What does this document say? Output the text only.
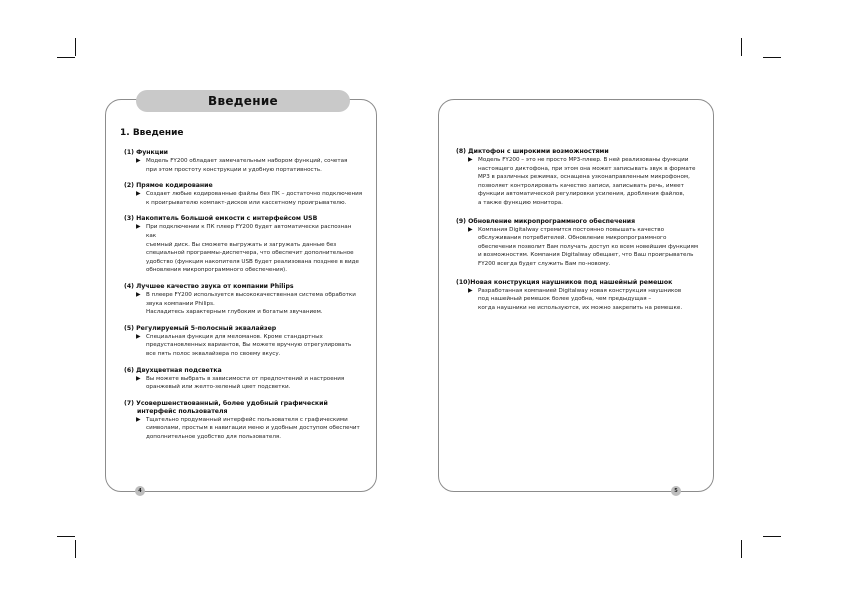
Введение
1. Введение
(1) Функции
▶ Модель FY200 обладает замечательным набором функций, сочетая
при этом простоту конструкции и удобную портативность.
(2) Прямое кодирование
▶ Создает любые кодированные файлы без ПК – достаточно подключения
к проигрывателю компакт-дисков или кассетному проигрывателю.
(3) Накопитель большой емкости с интерфейсом USB
▶ При подключении к ПК плеер FY200 будет автоматически распознан
как
съемный диск. Вы сможете выгружать и загружать данные без
специальной программы-диспетчера, что обеспечит дополнительное
удобство (функция накопителя USB будет реализована позднее в виде
обновления микропрограммного обеспечения).
(4) Лучшее качество звука от компании Philips
▶ В плеере FY200 используется высококачественная система обработки
звука компании Philips.
Насладитесь характерным глубоким и богатым звучанием.
(5) Регулируемый 5-полосный эквалайзер
▶ Специальная функция для меломанов. Кроме стандартных
предустановленных вариантов, Вы можете вручную отрегулировать
все пять полос эквалайзера по своему вкусу.
(6) Двухцветная подсветка
▶ Вы можете выбрать в зависимости от предпочтений и настроения
оранжевый или желто-зеленый цвет подсветки.
(7) Усовершенствованный, более удобный графический
интерфейс пользователя
▶ Тщательно продуманный интерфейс пользователя с графическими
символами, простым в навигации меню и удобным доступом обеспечит
дополнительное удобство для пользователя.
(8) Диктофон с широкими возможностями
▶ Модель FY200 – это не просто MP3-плеер. В ней реализованы функции
настоящего диктофона, при этом она может записывать звук в формате
MP3 в различных режимах, оснащена узконаправленным микрофоном,
позволяет контролировать качество записи, записывать речь, имеет
функции автоматической регулировки усиления, дробления файлов,
а также функцию монитора.
(9) Обновление микропрограммного обеспечения
▶ Компания Digitalway стремится постоянно повышать качество
обслуживания потребителей. Обновление микропрограммного
обеспечения позволит Вам получать доступ ко всем новейшим функциям
и возможностям. Компания Digitalway обещает, что Ваш проигрыватель
FY200 всегда будет служить Вам по-новому.
(10)Новая конструкция наушников под нашейный ремешок
▶ Разработанная компанией Digitalway новая конструкция наушников
под нашейный ремешок более удобна, чем предыдущая –
когда наушники не используются, их можно закрепить на ремешке.
4	5
